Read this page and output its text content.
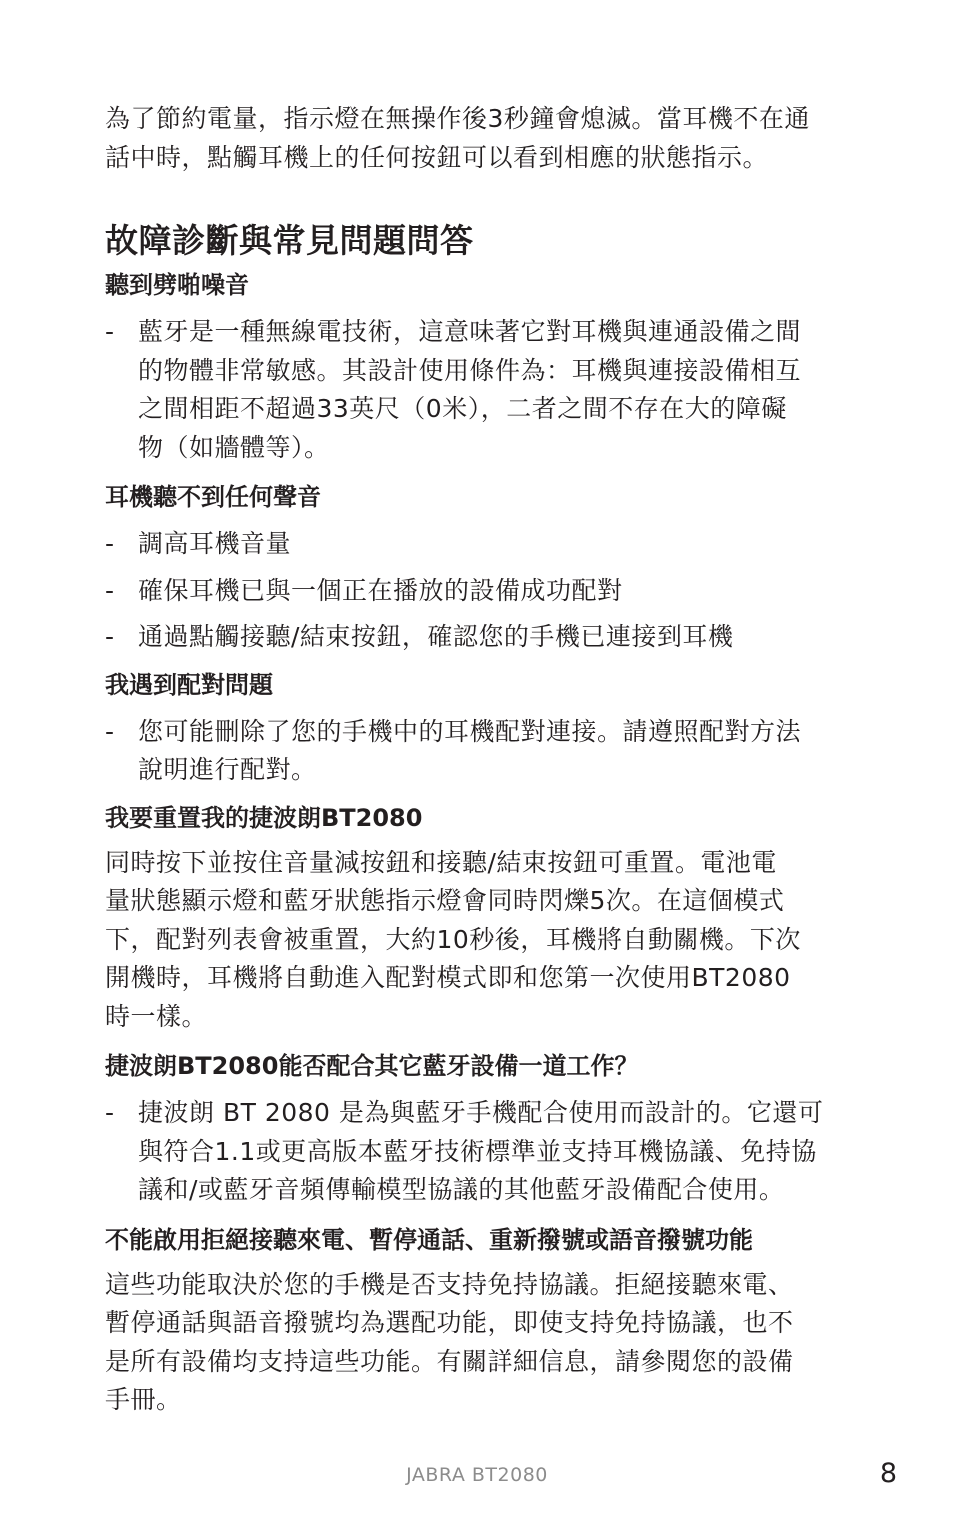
為了節約電量，指示燈在無操作後3秒鐘會熄滅。當耳機不在通
話中時，點觸耳機上的任何按鈕可以看到相應的狀態指示。

故障診斷與常見問題問答
聽到劈啪噪音
- 藍牙是一種無線電技術，這意味著它對耳機與連通設備之間
的物體非常敏感。其設計使用條件為：耳機與連接設備相互
之間相距不超過33英尺（0米），二者之間不存在大的障礙
物（如牆體等）。
耳機聽不到任何聲音
- 調高耳機音量
- 確保耳機已與一個正在播放的設備成功配對
- 通過點觸接聽/結束按鈕，確認您的手機已連接到耳機
我遇到配對問題
- 您可能刪除了您的手機中的耳機配對連接。請遵照配對方法
說明進行配對。
我要重置我的捷波朗BT2080

同時按下並按住音量減按鈕和接聽/結束按鈕可重置。電池電
量狀態顯示燈和藍牙狀態指示燈會同時閃爍5次。在這個模式
下，配對列表會被重置，大約10秒後，耳機將自動關機。下次
開機時，耳機將自動進入配對模式即和您第一次使用BT2080
時一樣。

捷波朗BT2080能否配合其它藍牙設備一道工作？
- 捷波朗 BT 2080 是為與藍牙手機配合使用而設計的。它還可
與符合1.1或更高版本藍牙技術標準並支持耳機協議、免持協
議和/或藍牙音頻傳輸模型協議的其他藍牙設備配合使用。
不能啟用拒絕接聽來電、暫停通話、重新撥號或語音撥號功能

這些功能取決於您的手機是否支持免持協議。拒絕接聽來電、
暫停通話與語音撥號均為選配功能，即使支持免持協議，也不
是所有設備均支持這些功能。有關詳細信息，請參閱您的設備
手冊。

JABRA BT2080	8
